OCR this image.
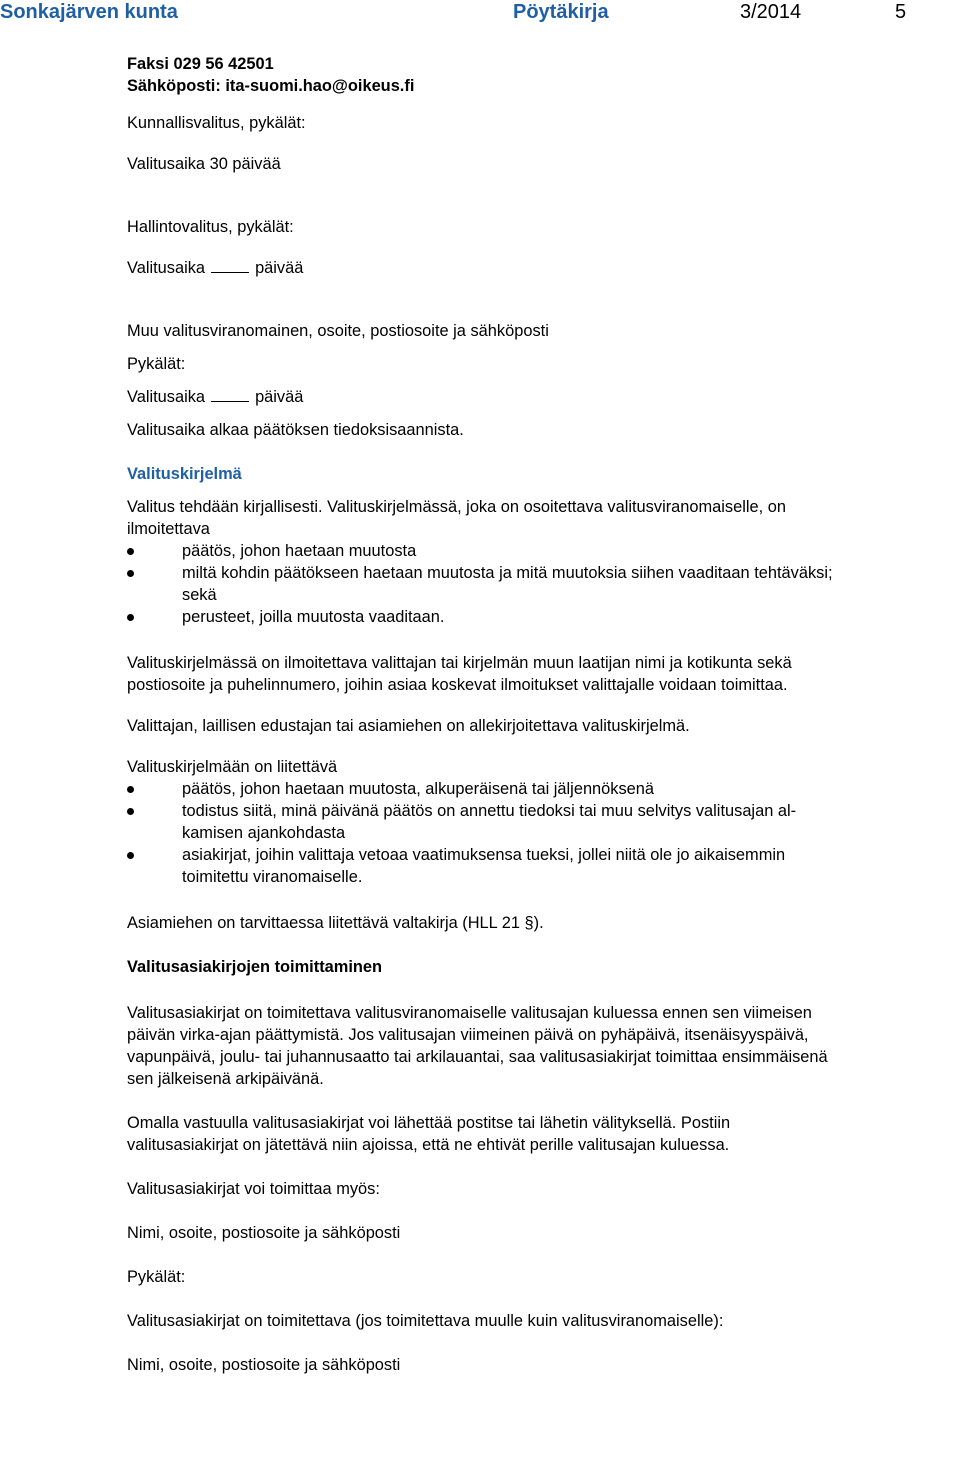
Sonkajärven kunta	Pöytäkirja	3/2014	5

Faksi 029 56 42501

Sähköposti: ita-suomi.hao@oikeus.fi

Kunnallisvalitus, pykälät:

Valitusaika 30 päivää

Hallintovalitus, pykälät:

Valitusaika	päivää

Muu valitusviranomainen, osoite, postiosoite ja sähköposti

Pykälät:

Valitusaika	päivää

Valitusaika alkaa päätöksen tiedoksisaannista.

Valituskirjelmä

Valitus tehdään kirjallisesti. Valituskirjelmässä, joka on osoitettava valitusviranomaiselle, on

ilmoitettava

päätös, johon haetaan muutosta
miltä kohdin päätökseen haetaan muutosta ja mitä muutoksia siihen vaaditaan tehtäväksi;
sekä
perusteet, joilla muutosta vaaditaan.

Valituskirjelmässä on ilmoitettava valittajan tai kirjelmän muun laatijan nimi ja kotikunta sekä

postiosoite ja puhelinnumero, joihin asiaa koskevat ilmoitukset valittajalle voidaan toimittaa.

Valittajan, laillisen edustajan tai asiamiehen on allekirjoitettava valituskirjelmä.

Valituskirjelmään on liitettävä

päätös, johon haetaan muutosta, alkuperäisenä tai jäljennöksenä
todistus siitä, minä päivänä päätös on annettu tiedoksi tai muu selvitys valitusajan al-
kamisen ajankohdasta
asiakirjat, joihin valittaja vetoaa vaatimuksensa tueksi, jollei niitä ole jo aikaisemmin
toimitettu viranomaiselle.

Asiamiehen on tarvittaessa liitettävä valtakirja (HLL 21 §).

Valitusasiakirjojen toimittaminen

Valitusasiakirjat on toimitettava valitusviranomaiselle valitusajan kuluessa ennen sen viimeisen

päivän virka-ajan päättymistä. Jos valitusajan viimeinen päivä on pyhäpäivä, itsenäisyyspäivä,

vapunpäivä, joulu- tai juhannusaatto tai arkilauantai, saa valitusasiakirjat toimittaa ensimmäisenä

sen jälkeisenä arkipäivänä.

Omalla vastuulla valitusasiakirjat voi lähettää postitse tai lähetin välityksellä. Postiin

valitusasiakirjat on jätettävä niin ajoissa, että ne ehtivät perille valitusajan kuluessa.

Valitusasiakirjat voi toimittaa myös:

Nimi, osoite, postiosoite ja sähköposti

Pykälät:

Valitusasiakirjat on toimitettava (jos toimitettava muulle kuin valitusviranomaiselle):

Nimi, osoite, postiosoite ja sähköposti
